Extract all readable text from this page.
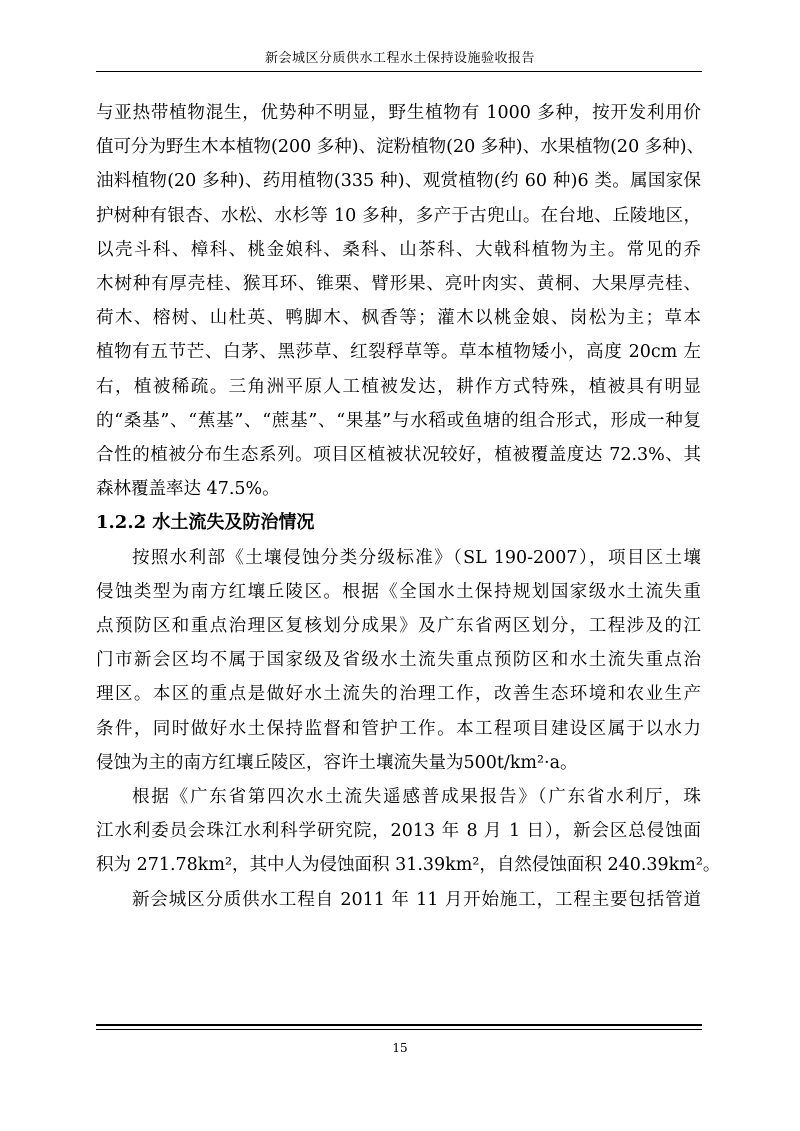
新会城区分质供水工程水土保持设施验收报告
与亚热带植物混生，优势种不明显，野生植物有 1000 多种，按开发利用价
值可分为野生木本植物(200 多种)、淀粉植物(20 多种)、水果植物(20 多种)、
油料植物(20 多种)、药用植物(335 种)、观赏植物(约 60 种)6 类。属国家保
护树种有银杏、水松、水杉等 10 多种，多产于古兜山。在台地、丘陵地区，
以壳斗科、樟科、桃金娘科、桑科、山茶科、大戟科植物为主。常见的乔
木树种有厚壳桂、猴耳环、锥栗、臂形果、亮叶肉实、黄桐、大果厚壳桂、
荷木、榕树、山杜英、鸭脚木、枫香等；灌木以桃金娘、岗松为主；草本
植物有五节芒、白茅、黑莎草、红裂稃草等。草本植物矮小，高度 20cm 左
右，植被稀疏。三角洲平原人工植被发达，耕作方式特殊，植被具有明显
的“桑基”、“蕉基”、“蔗基”、“果基”与水稻或鱼塘的组合形式，形成一种复
合性的植被分布生态系列。项目区植被状况较好，植被覆盖度达 72.3%、其
森林覆盖率达 47.5%。
1.2.2 水土流失及防治情况
按照水利部《土壤侵蚀分类分级标准》（SL 190-2007），项目区土壤
侵蚀类型为南方红壤丘陵区。根据《全国水土保持规划国家级水土流失重
点预防区和重点治理区复核划分成果》及广东省两区划分，工程涉及的江
门市新会区均不属于国家级及省级水土流失重点预防区和水土流失重点治
理区。本区的重点是做好水土流失的治理工作，改善生态环境和农业生产
条件，同时做好水土保持监督和管护工作。本工程项目建设区属于以水力
侵蚀为主的南方红壤丘陵区，容许土壤流失量为500t/km²·a。
根据《广东省第四次水土流失遥感普成果报告》（广东省水利厅，珠
江水利委员会珠江水利科学研究院，2013 年 8 月 1 日），新会区总侵蚀面
15
积为 271.78km²，其中人为侵蚀面积 31.39km²，自然侵蚀面积 240.39km²。
新会城区分质供水工程自 2011 年 11 月开始施工，工程主要包括管道
